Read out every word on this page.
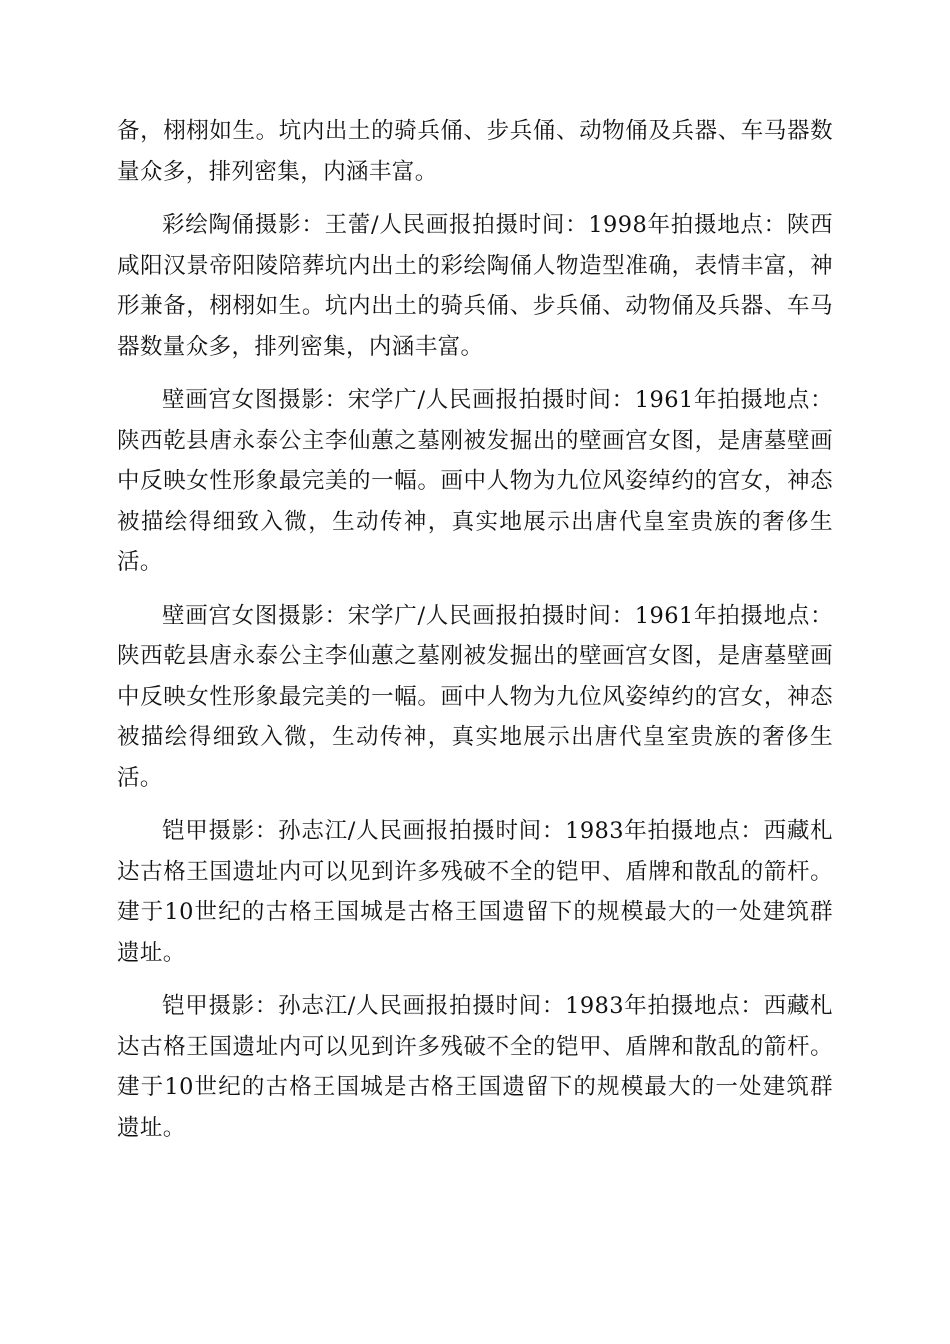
备，栩栩如生。坑内出土的骑兵俑、步兵俑、动物俑及兵器、车马器数量众多，排列密集，内涵丰富。

彩绘陶俑摄影：王蕾/人民画报拍摄时间：1998年拍摄地点：陕西咸阳汉景帝阳陵陪葬坑内出土的彩绘陶俑人物造型准确，表情丰富，神形兼备，栩栩如生。坑内出土的骑兵俑、步兵俑、动物俑及兵器、车马器数量众多，排列密集，内涵丰富。

壁画宫女图摄影：宋学广/人民画报拍摄时间：1961年拍摄地点：陕西乾县唐永泰公主李仙蕙之墓刚被发掘出的壁画宫女图，是唐墓壁画中反映女性形象最完美的一幅。画中人物为九位风姿绰约的宫女，神态被描绘得细致入微，生动传神，真实地展示出唐代皇室贵族的奢侈生活。

壁画宫女图摄影：宋学广/人民画报拍摄时间：1961年拍摄地点：陕西乾县唐永泰公主李仙蕙之墓刚被发掘出的壁画宫女图，是唐墓壁画中反映女性形象最完美的一幅。画中人物为九位风姿绰约的宫女，神态被描绘得细致入微，生动传神，真实地展示出唐代皇室贵族的奢侈生活。

铠甲摄影：孙志江/人民画报拍摄时间：1983年拍摄地点：西藏札达古格王国遗址内可以见到许多残破不全的铠甲、盾牌和散乱的箭杆。建于10世纪的古格王国城是古格王国遗留下的规模最大的一处建筑群遗址。

铠甲摄影：孙志江/人民画报拍摄时间：1983年拍摄地点：西藏札达古格王国遗址内可以见到许多残破不全的铠甲、盾牌和散乱的箭杆。建于10世纪的古格王国城是古格王国遗留下的规模最大的一处建筑群遗址。
